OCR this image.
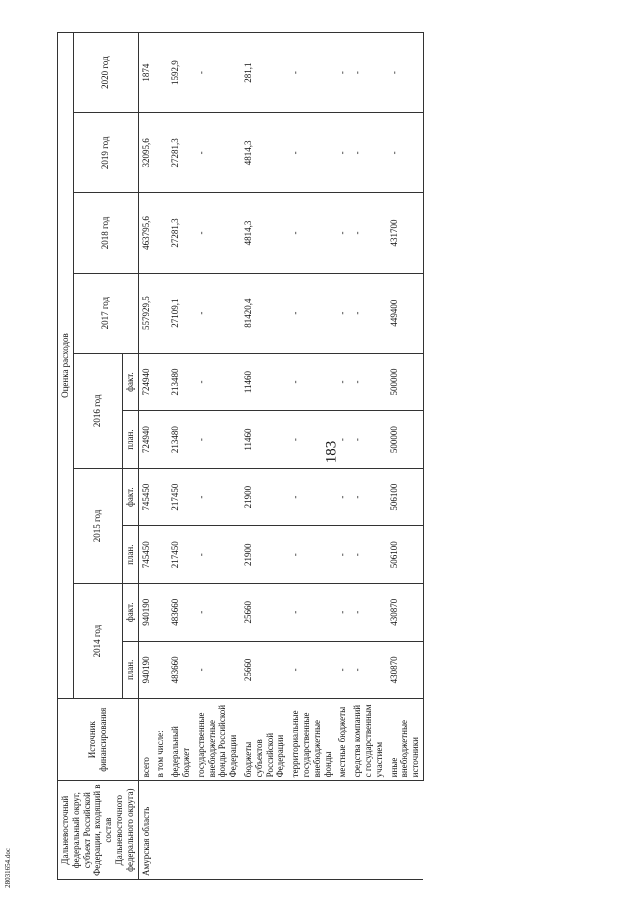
183
28031654.doc
Дальневосточный федеральный округ, субъект Российской Федерации, входящий в состав Дальневосточного федерального округа)	Источник финансирования	Оценка расходов									
		2014 год		2015 год		2016 год		2017 год	2018 год	2019 год	2020 год
		план.	факт.	план.	факт.	план.	факт.				
Амурская область	всего	940190	940190	745450	745450	724940	724940	557929,5	463795,6	32095,6	1874
	в том числе:										
	федеральный бюджет	483660	483660	217450	217450	213480	213480	27109,1	27281,3	27281,3	1592,9
	государственные внебюджетные фонды Российской Федерации	-	-	-	-	-	-	-	-	-	-
	бюджеты субъектов Российской Федерации	25660	25660	21900	21900	11460	11460	81420,4	4814,3	4814,3	281,1
	территориальные государственные внебюджетные фонды	-	-	-	-	-	-	-	-	-	-
	местные бюджеты	-	-	-	-	-	-	-	-	-	-
	средства компаний с государственным участием	-	-	-	-	-	-	-	-	-	-
	иные внебюджетные источники	430870	430870	506100	506100	500000	500000	449400	431700	-	-
